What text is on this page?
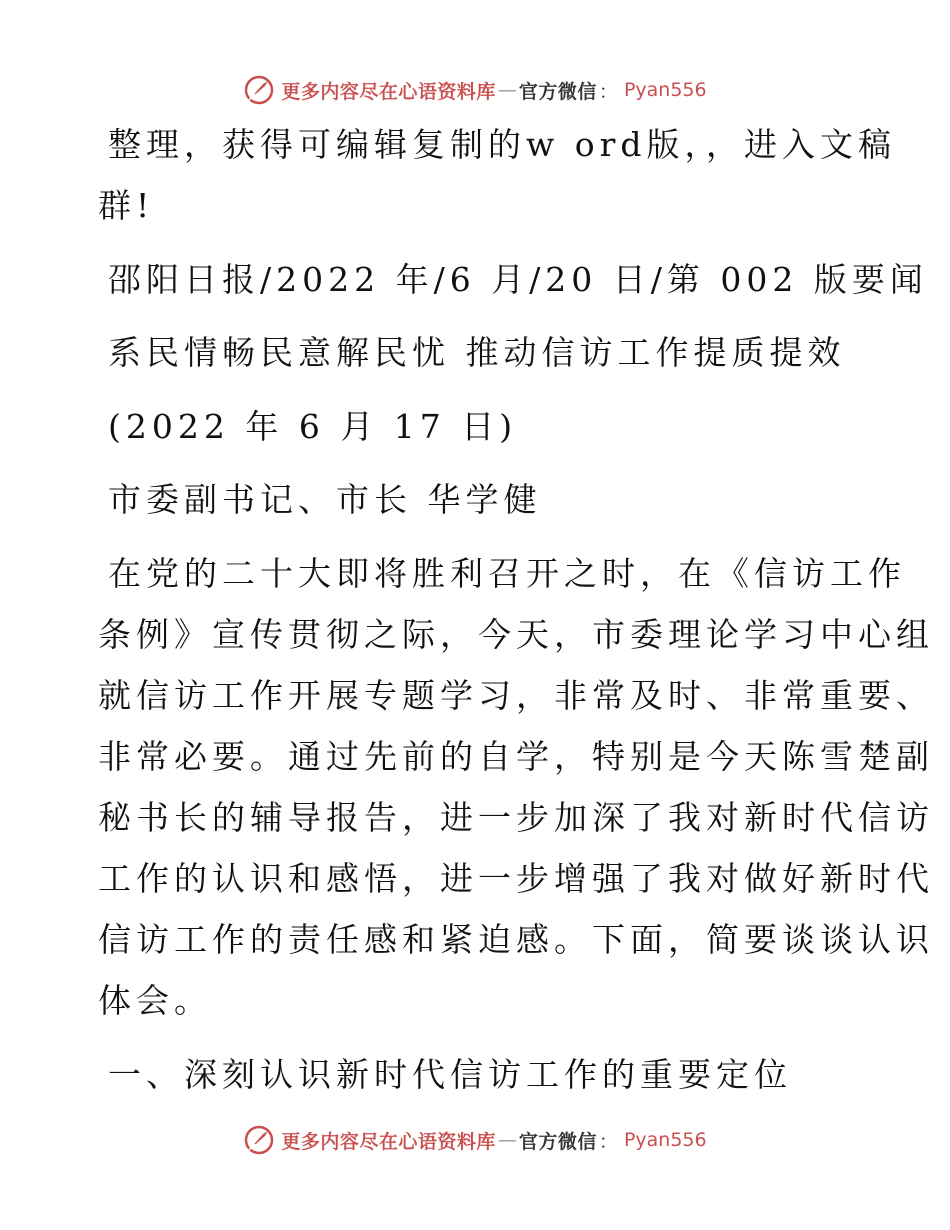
更多内容尽在心语资料库 — 官方微信 ： Pyan556
整理，获得可编辑复制的w ord版，，进入文稿
群!
邵阳日报/2022 年/6 月/20 日/第 002 版要闻
系民情畅民意解民忧 推动信访工作提质提效
(2022 年 6 月 17 日)
市委副书记、市长 华学健
在党的二十大即将胜利召开之时，在《信访工作
条例》宣传贯彻之际，今天，市委理论学习中心组
就信访工作开展专题学习，非常及时、非常重要、
非常必要。通过先前的自学，特别是今天陈雪楚副
秘书长的辅导报告，进一步加深了我对新时代信访
工作的认识和感悟，进一步增强了我对做好新时代
信访工作的责任感和紧迫感。下面，简要谈谈认识
体会。
一、深刻认识新时代信访工作的重要定位
更多内容尽在心语资料库 — 官方微信 ： Pyan556
